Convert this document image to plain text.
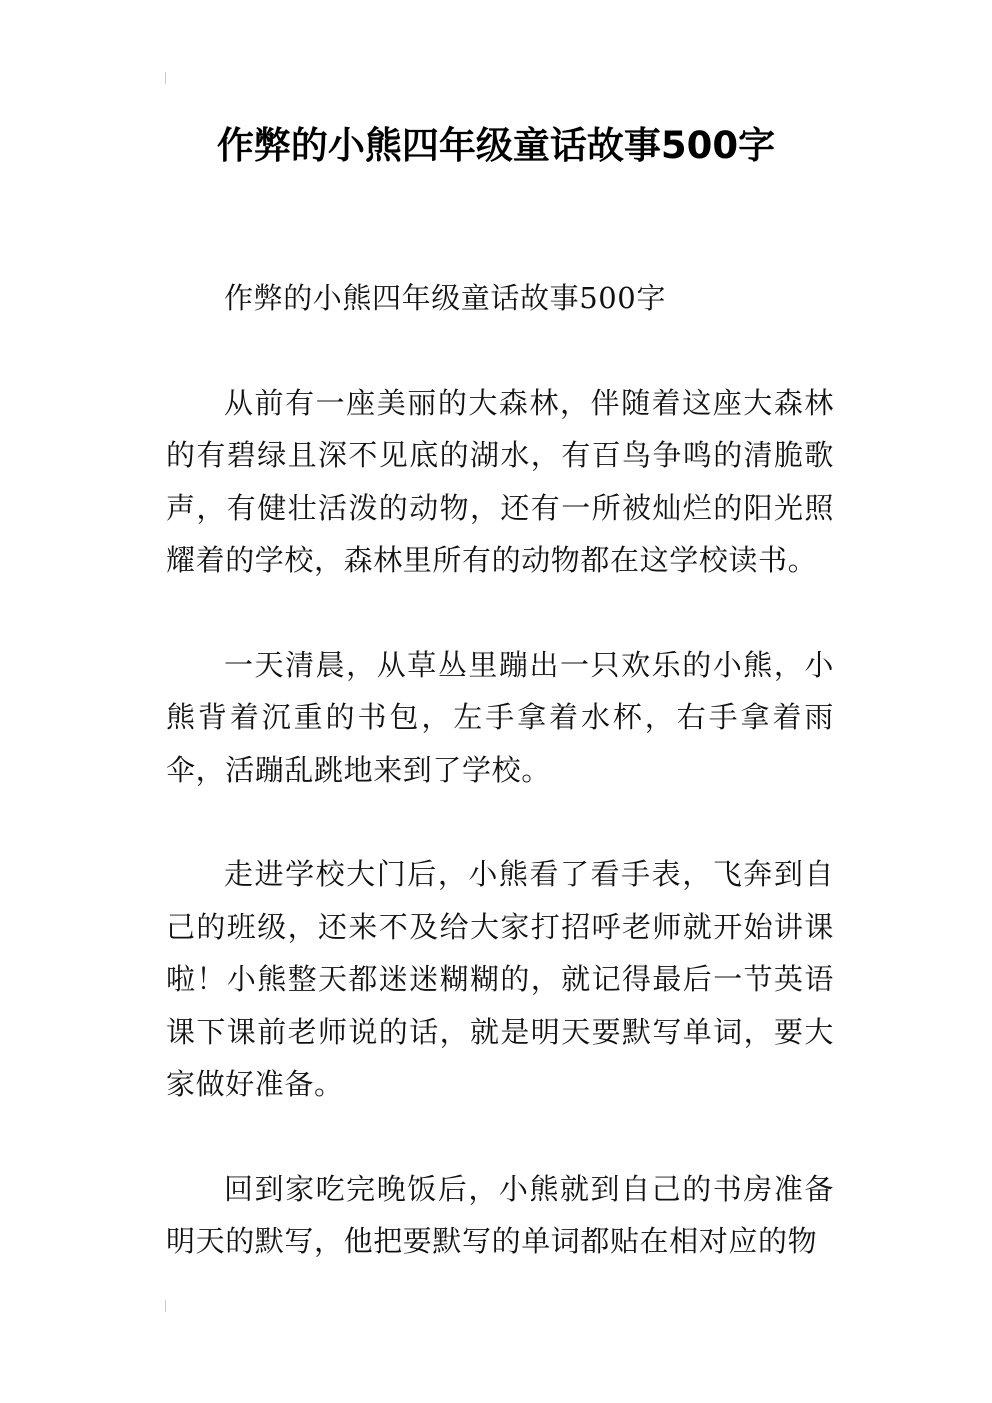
作弊的小熊四年级童话故事500字

作弊的小熊四年级童话故事500字

从前有一座美丽的大森林，伴随着这座大森林的有碧绿且深不见底的湖水，有百鸟争鸣的清脆歌声，有健壮活泼的动物，还有一所被灿烂的阳光照耀着的学校，森林里所有的动物都在这学校读书。

一天清晨，从草丛里蹦出一只欢乐的小熊，小熊背着沉重的书包，左手拿着水杯，右手拿着雨伞，活蹦乱跳地来到了学校。

走进学校大门后，小熊看了看手表，飞奔到自己的班级，还来不及给大家打招呼老师就开始讲课啦！小熊整天都迷迷糊糊的，就记得最后一节英语课下课前老师说的话，就是明天要默写单词，要大家做好准备。

回到家吃完晚饭后，小熊就到自己的书房准备明天的默写，他把要默写的单词都贴在相对应的物
